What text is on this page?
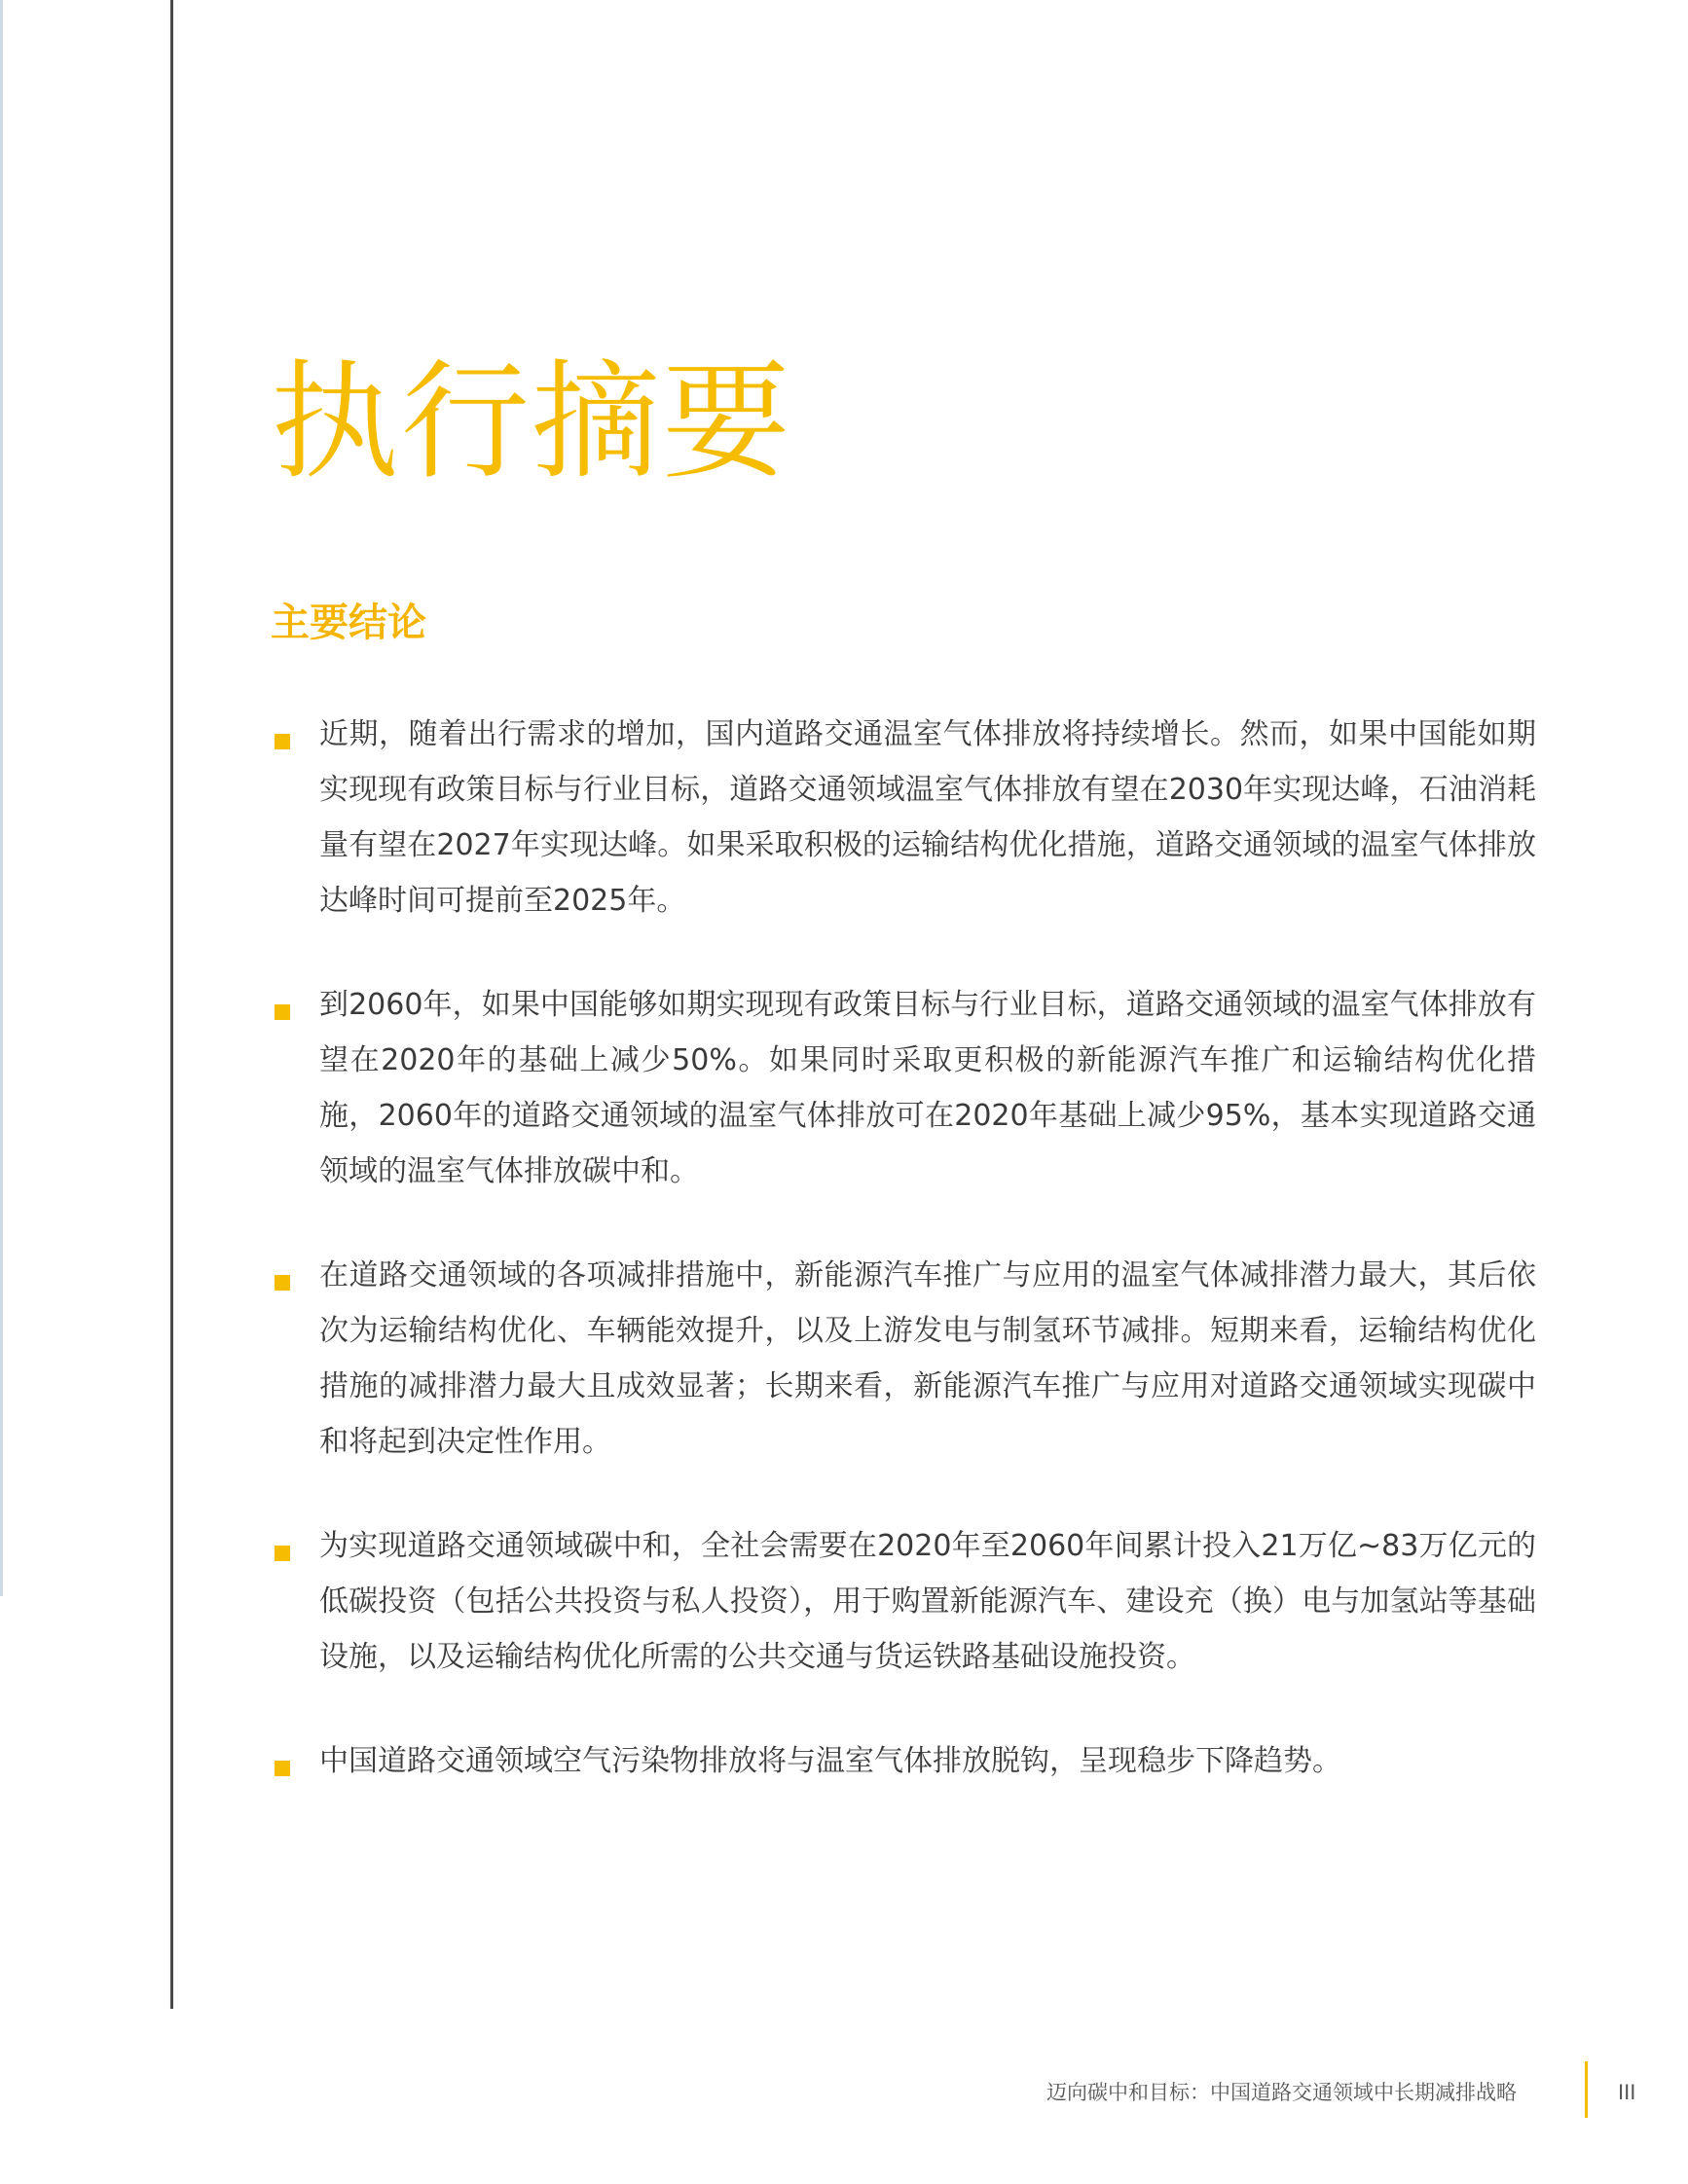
执行摘要
主要结论
近期，随着出行需求的增加，国内道路交通温室气体排放将持续增长。然而，如果中国能如期实现现有政策目标与行业目标，道路交通领域温室气体排放有望在2030年实现达峰，石油消耗量有望在2027年实现达峰。如果采取积极的运输结构优化措施，道路交通领域的温室气体排放达峰时间可提前至2025年。
到2060年，如果中国能够如期实现现有政策目标与行业目标，道路交通领域的温室气体排放有望在2020年的基础上减少50%。如果同时采取更积极的新能源汽车推广和运输结构优化措施，2060年的道路交通领域的温室气体排放可在2020年基础上减少95%，基本实现道路交通领域的温室气体排放碳中和。
在道路交通领域的各项减排措施中，新能源汽车推广与应用的温室气体减排潜力最大，其后依次为运输结构优化、车辆能效提升，以及上游发电与制氢环节减排。短期来看，运输结构优化措施的减排潜力最大且成效显著；长期来看，新能源汽车推广与应用对道路交通领域实现碳中和将起到决定性作用。
为实现道路交通领域碳中和，全社会需要在2020年至2060年间累计投入21万亿~83万亿元的低碳投资（包括公共投资与私人投资），用于购置新能源汽车、建设充（换）电与加氢站等基础设施，以及运输结构优化所需的公共交通与货运铁路基础设施投资。
中国道路交通领域空气污染物排放将与温室气体排放脱钩，呈现稳步下降趋势。
迈向碳中和目标：中国道路交通领域中长期减排战略	III
